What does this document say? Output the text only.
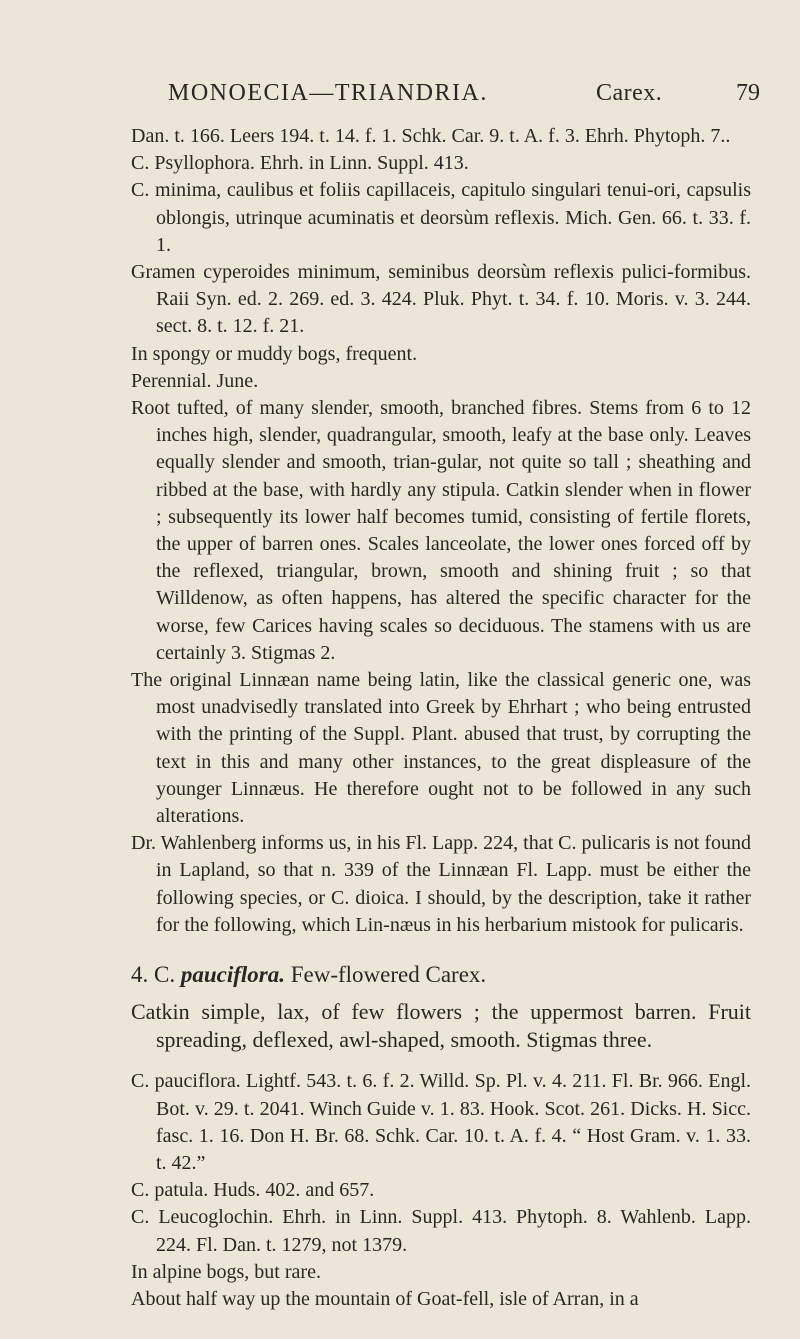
MONOECIA—TRIANDRIA.	Carex.	79

Dan. t. 166. Leers 194. t. 14. f. 1. Schk. Car. 9. t. A. f. 3. Ehrh. Phytoph. 7..

C. Psyllophora. Ehrh. in Linn. Suppl. 413.

C. minima, caulibus et foliis capillaceis, capitulo singulari tenui-ori, capsulis oblongis, utrinque acuminatis et deorsùm reflexis. Mich. Gen. 66. t. 33. f. 1.

Gramen cyperoides minimum, seminibus deorsùm reflexis pulici-formibus. Raii Syn. ed. 2. 269. ed. 3. 424. Pluk. Phyt. t. 34. f. 10. Moris. v. 3. 244. sect. 8. t. 12. f. 21.

In spongy or muddy bogs, frequent.

Perennial. June.

Root tufted, of many slender, smooth, branched fibres. Stems from 6 to 12 inches high, slender, quadrangular, smooth, leafy at the base only. Leaves equally slender and smooth, trian-gular, not quite so tall ; sheathing and ribbed at the base, with hardly any stipula. Catkin slender when in flower ; subsequently its lower half becomes tumid, consisting of fertile florets, the upper of barren ones. Scales lanceolate, the lower ones forced off by the reflexed, triangular, brown, smooth and shining fruit ; so that Willdenow, as often happens, has altered the specific character for the worse, few Carices having scales so deciduous. The stamens with us are certainly 3. Stigmas 2.

The original Linnæan name being latin, like the classical generic one, was most unadvisedly translated into Greek by Ehrhart ; who being entrusted with the printing of the Suppl. Plant. abused that trust, by corrupting the text in this and many other instances, to the great displeasure of the younger Linnæus. He therefore ought not to be followed in any such alterations.

Dr. Wahlenberg informs us, in his Fl. Lapp. 224, that C. pulicaris is not found in Lapland, so that n. 339 of the Linnæan Fl. Lapp. must be either the following species, or C. dioica. I should, by the description, take it rather for the following, which Lin-næus in his herbarium mistook for pulicaris.

4. C. pauciflora. Few-flowered Carex.

Catkin simple, lax, of few flowers ; the uppermost barren. Fruit spreading, deflexed, awl-shaped, smooth. Stigmas three.

C. pauciflora. Lightf. 543. t. 6. f. 2. Willd. Sp. Pl. v. 4. 211. Fl. Br. 966. Engl. Bot. v. 29. t. 2041. Winch Guide v. 1. 83. Hook. Scot. 261. Dicks. H. Sicc. fasc. 1. 16. Don H. Br. 68. Schk. Car. 10. t. A. f. 4. “ Host Gram. v. 1. 33. t. 42.”

C. patula. Huds. 402. and 657.

C. Leucoglochin. Ehrh. in Linn. Suppl. 413. Phytoph. 8. Wahlenb. Lapp. 224. Fl. Dan. t. 1279, not 1379.

In alpine bogs, but rare.

About half way up the mountain of Goat-fell, isle of Arran, in a
